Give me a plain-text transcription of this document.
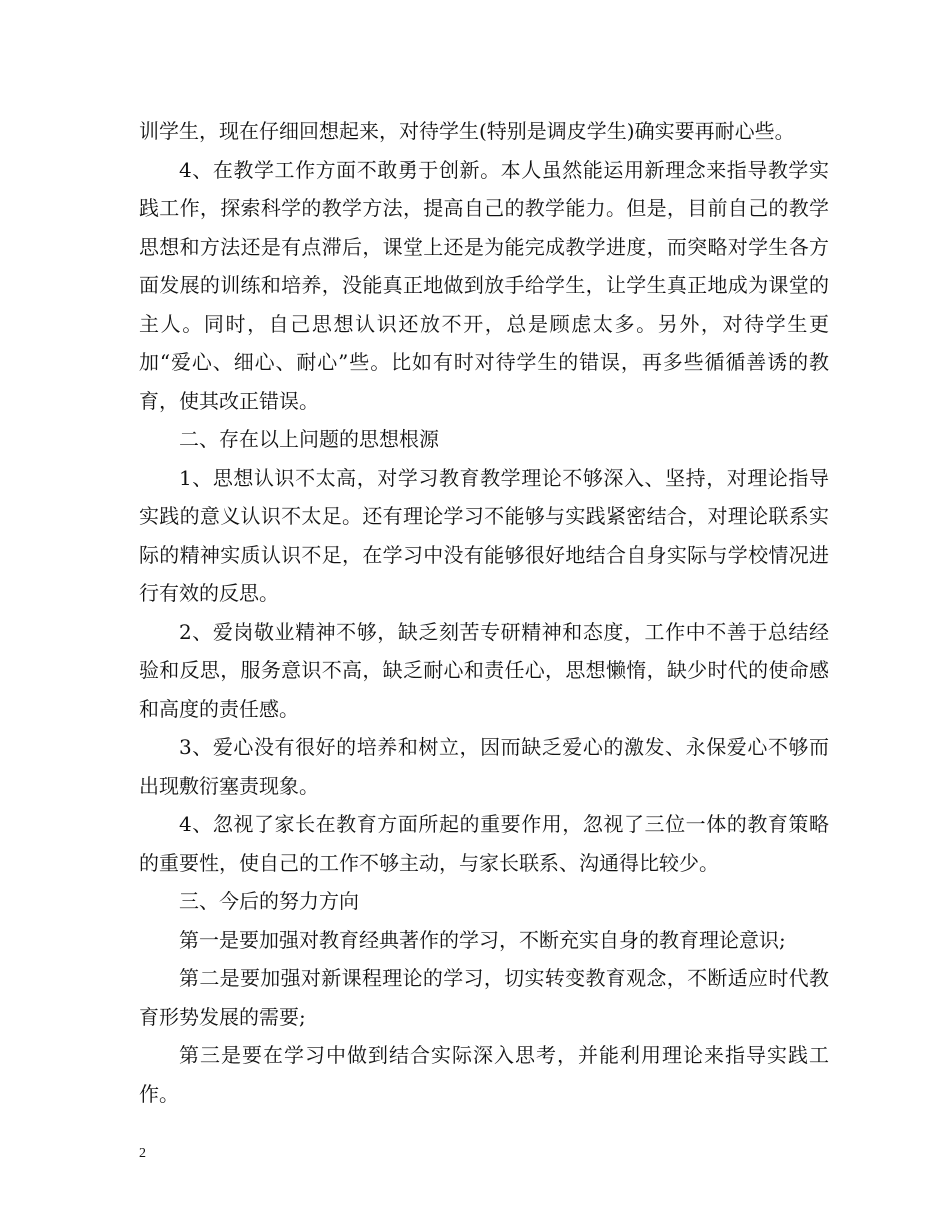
训学生，现在仔细回想起来，对待学生(特别是调皮学生)确实要再耐心些。

4、在教学工作方面不敢勇于创新。本人虽然能运用新理念来指导教学实践工作，探索科学的教学方法，提高自己的教学能力。但是，目前自己的教学思想和方法还是有点滞后，课堂上还是为能完成教学进度，而突略对学生各方面发展的训练和培养，没能真正地做到放手给学生，让学生真正地成为课堂的主人。同时，自己思想认识还放不开，总是顾虑太多。另外，对待学生更加“爱心、细心、耐心”些。比如有时对待学生的错误，再多些循循善诱的教育，使其改正错误。

二、存在以上问题的思想根源

1、思想认识不太高，对学习教育教学理论不够深入、坚持，对理论指导实践的意义认识不太足。还有理论学习不能够与实践紧密结合，对理论联系实际的精神实质认识不足，在学习中没有能够很好地结合自身实际与学校情况进行有效的反思。

2、爱岗敬业精神不够，缺乏刻苦专研精神和态度，工作中不善于总结经验和反思，服务意识不高，缺乏耐心和责任心，思想懒惰，缺少时代的使命感和高度的责任感。

3、爱心没有很好的培养和树立，因而缺乏爱心的激发、永保爱心不够而出现敷衍塞责现象。

4、忽视了家长在教育方面所起的重要作用，忽视了三位一体的教育策略的重要性，使自己的工作不够主动，与家长联系、沟通得比较少。

三、今后的努力方向

第一是要加强对教育经典著作的学习，不断充实自身的教育理论意识;

第二是要加强对新课程理论的学习，切实转变教育观念，不断适应时代教育形势发展的需要;

第三是要在学习中做到结合实际深入思考，并能利用理论来指导实践工作。

2
